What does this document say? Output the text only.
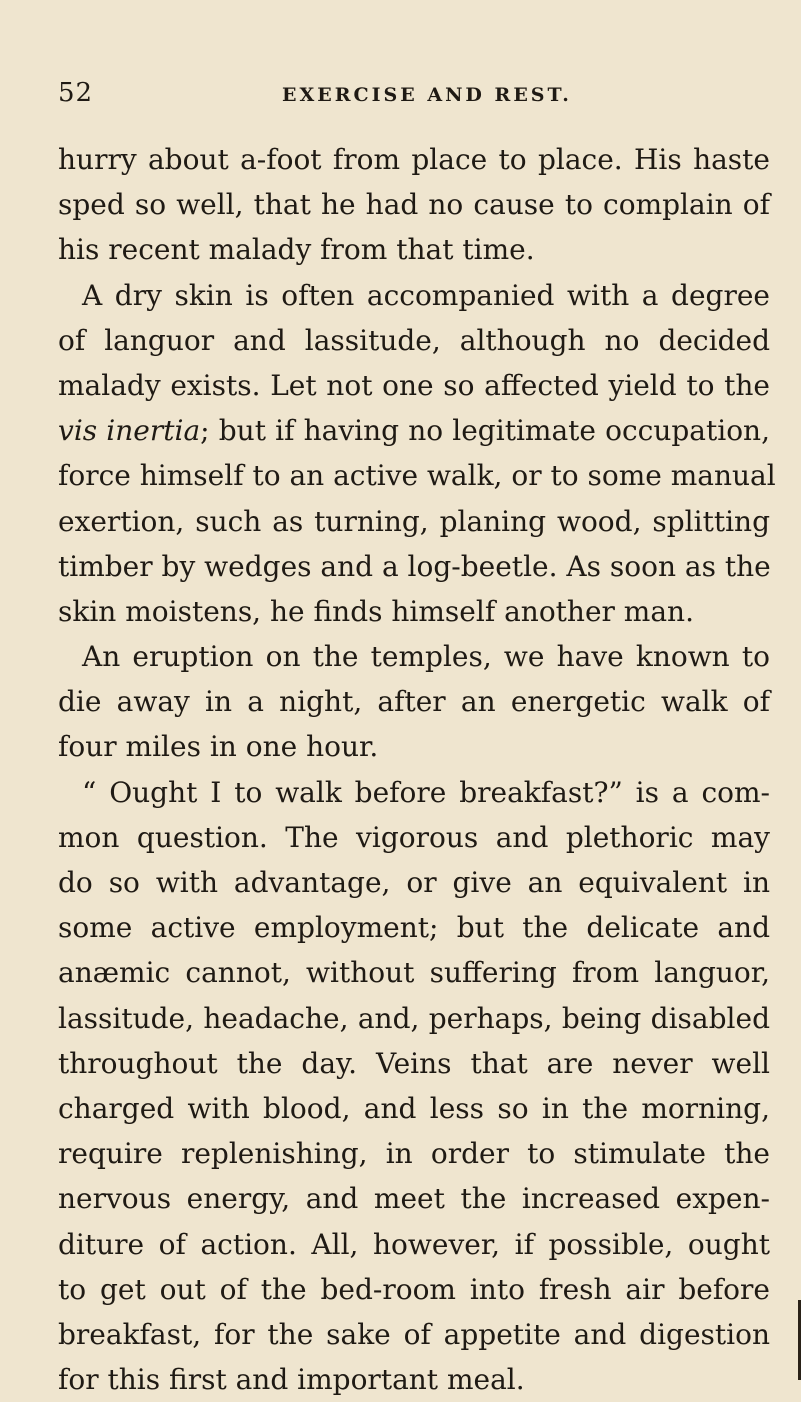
52	EXERCISE AND REST.
hurry about a-foot from place to place. His haste
sped so well, that he had no cause to complain of
his recent malady from that time.
A dry skin is often accompanied with a degree
of languor and lassitude, although no decided
malady exists. Let not one so affected yield to the
vis inertia; but if having no legitimate occupation,
force himself to an active walk, or to some manual
exertion, such as turning, planing wood, splitting
timber by wedges and a log-beetle. As soon as the
skin moistens, he finds himself another man.
An eruption on the temples, we have known to
die away in a night, after an energetic walk of
four miles in one hour.
“ Ought I to walk before breakfast?” is a com-
mon question. The vigorous and plethoric may
do so with advantage, or give an equivalent in
some active employment; but the delicate and
anæmic cannot, without suffering from languor,
lassitude, headache, and, perhaps, being disabled
throughout the day. Veins that are never well
charged with blood, and less so in the morning,
require replenishing, in order to stimulate the
nervous energy, and meet the increased expen-
diture of action. All, however, if possible, ought
to get out of the bed-room into fresh air before
breakfast, for the sake of appetite and digestion
for this first and important meal.
